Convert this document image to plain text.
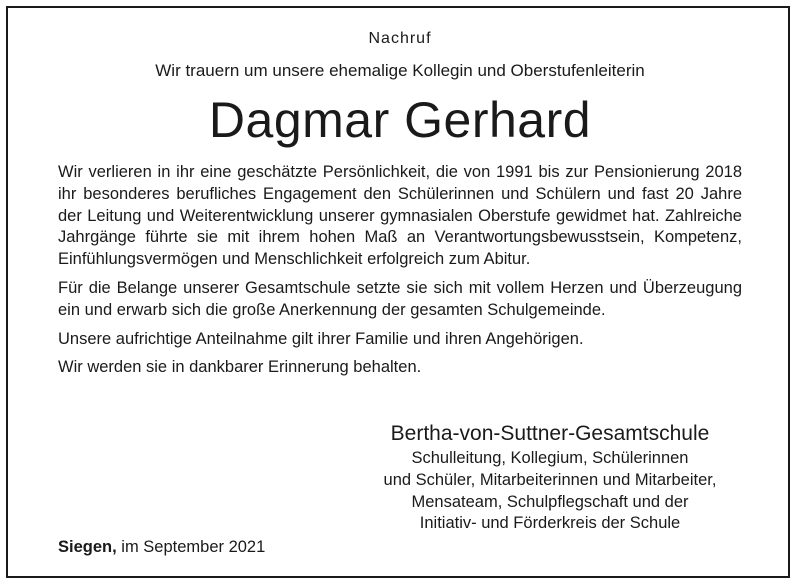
Nachruf
Wir trauern um unsere ehemalige Kollegin und Oberstufenleiterin
Dagmar Gerhard

Wir verlieren in ihr eine geschätzte Persönlichkeit, die von 1991 bis zur Pensionierung 2018 ihr besonderes berufliches Engagement den Schülerinnen und Schülern und fast 20 Jahre der Leitung und Weiterentwicklung unserer gymnasialen Oberstufe gewidmet hat. Zahlreiche Jahrgänge führte sie mit ihrem hohen Maß an Verantwortungsbewusstsein, Kompetenz, Einfühlungsvermögen und Menschlichkeit erfolgreich zum Abitur.

Für die Belange unserer Gesamtschule setzte sie sich mit vollem Herzen und Überzeugung ein und erwarb sich die große Anerkennung der gesamten Schulgemeinde.

Unsere aufrichtige Anteilnahme gilt ihrer Familie und ihren Angehörigen.

Wir werden sie in dankbarer Erinnerung behalten.

Bertha-von-Suttner-Gesamtschule
Schulleitung, Kollegium, Schülerinnen
und Schüler, Mitarbeiterinnen und Mitarbeiter,
Mensateam, Schulpflegschaft und der
Initiativ- und Förderkreis der Schule
Siegen, im September 2021
